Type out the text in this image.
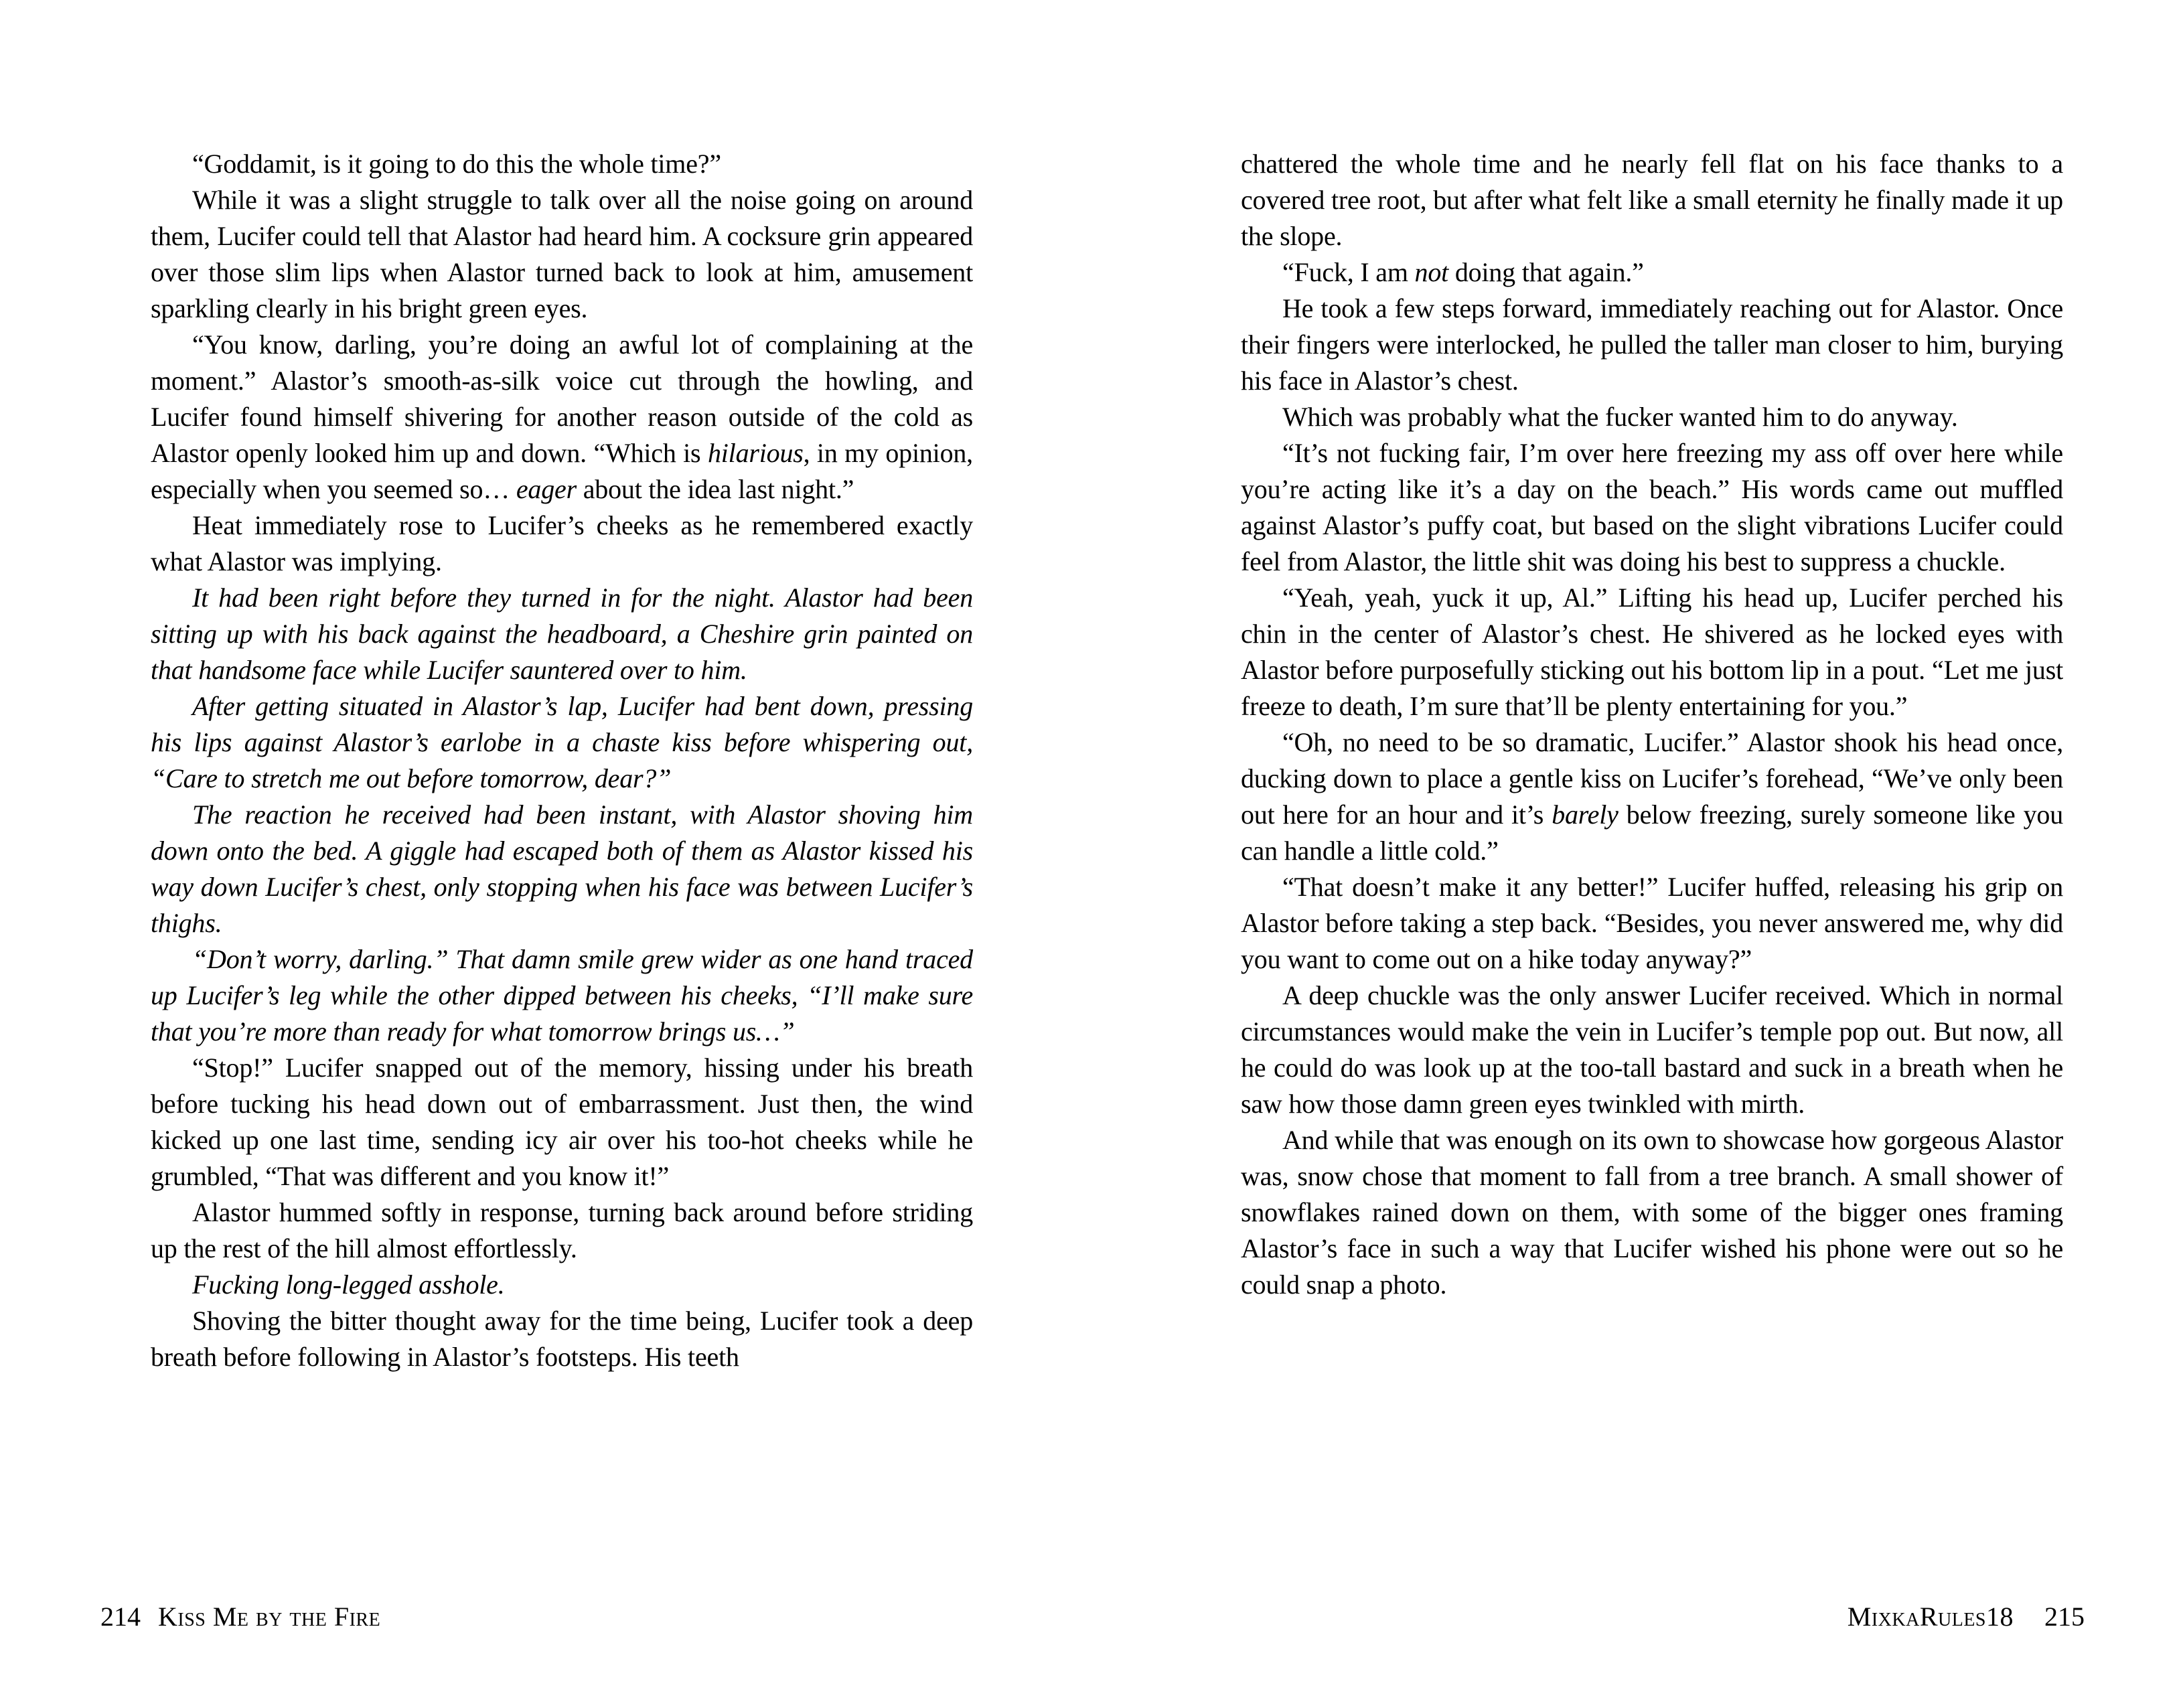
“Goddamit, is it going to do this the whole time?”

While it was a slight struggle to talk over all the noise going on around them, Lucifer could tell that Alastor had heard him. A cocksure grin appeared over those slim lips when Alastor turned back to look at him, amusement sparkling clearly in his bright green eyes.

“You know, darling, you’re doing an awful lot of complaining at the moment.” Alastor’s smooth-as-silk voice cut through the howling, and Lucifer found himself shivering for another reason outside of the cold as Alastor openly looked him up and down. “Which is hilarious, in my opinion, especially when you seemed so… eager about the idea last night.”

Heat immediately rose to Lucifer’s cheeks as he remembered exactly what Alastor was implying.

It had been right before they turned in for the night. Alastor had been sitting up with his back against the headboard, a Cheshire grin painted on that handsome face while Lucifer sauntered over to him.

After getting situated in Alastor’s lap, Lucifer had bent down, pressing his lips against Alastor’s earlobe in a chaste kiss before whispering out, “Care to stretch me out before tomorrow, dear?”

The reaction he received had been instant, with Alastor shoving him down onto the bed. A giggle had escaped both of them as Alastor kissed his way down Lucifer’s chest, only stopping when his face was between Lucifer’s thighs.

“Don’t worry, darling.” That damn smile grew wider as one hand traced up Lucifer’s leg while the other dipped between his cheeks, “I’ll make sure that you’re more than ready for what tomorrow brings us…”

“Stop!” Lucifer snapped out of the memory, hissing under his breath before tucking his head down out of embarrassment. Just then, the wind kicked up one last time, sending icy air over his too-hot cheeks while he grumbled, “That was different and you know it!”

Alastor hummed softly in response, turning back around before striding up the rest of the hill almost effortlessly.

Fucking long-legged asshole.

Shoving the bitter thought away for the time being, Lucifer took a deep breath before following in Alastor’s footsteps. His teeth

chattered the whole time and he nearly fell flat on his face thanks to a covered tree root, but after what felt like a small eternity he finally made it up the slope.

“Fuck, I am not doing that again.”

He took a few steps forward, immediately reaching out for Alastor. Once their fingers were interlocked, he pulled the taller man closer to him, burying his face in Alastor’s chest.

Which was probably what the fucker wanted him to do anyway.

“It’s not fucking fair, I’m over here freezing my ass off over here while you’re acting like it’s a day on the beach.” His words came out muffled against Alastor’s puffy coat, but based on the slight vibrations Lucifer could feel from Alastor, the little shit was doing his best to suppress a chuckle.

“Yeah, yeah, yuck it up, Al.” Lifting his head up, Lucifer perched his chin in the center of Alastor’s chest. He shivered as he locked eyes with Alastor before purposefully sticking out his bottom lip in a pout. “Let me just freeze to death, I’m sure that’ll be plenty entertaining for you.”

“Oh, no need to be so dramatic, Lucifer.” Alastor shook his head once, ducking down to place a gentle kiss on Lucifer’s forehead, “We’ve only been out here for an hour and it’s barely below freezing, surely someone like you can handle a little cold.”

“That doesn’t make it any better!” Lucifer huffed, releasing his grip on Alastor before taking a step back. “Besides, you never answered me, why did you want to come out on a hike today anyway?”

A deep chuckle was the only answer Lucifer received. Which in normal circumstances would make the vein in Lucifer’s temple pop out. But now, all he could do was look up at the too-tall bastard and suck in a breath when he saw how those damn green eyes twinkled with mirth.

And while that was enough on its own to showcase how gorgeous Alastor was, snow chose that moment to fall from a tree branch. A small shower of snowflakes rained down on them, with some of the bigger ones framing Alastor’s face in such a way that Lucifer wished his phone were out so he could snap a photo.

214 Kiss Me by the Fire	MixkaRules18 215
